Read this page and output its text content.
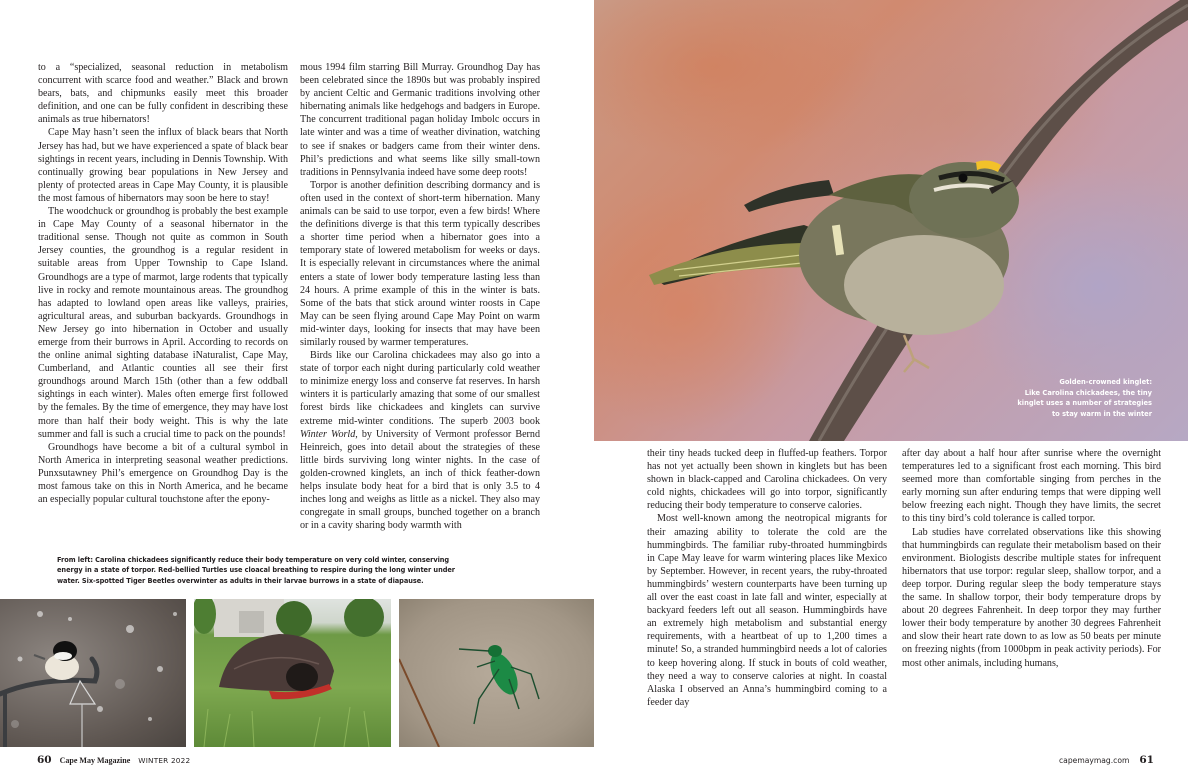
to a “specialized, seasonal reduction in metabolism concurrent with scarce food and weather.” Black and brown bears, bats, and chipmunks easily meet this broader definition, and one can be fully confident in describing these animals as true hibernators!

Cape May hasn’t seen the influx of black bears that North Jersey has had, but we have experienced a spate of black bear sightings in recent years, including in Dennis Township. With continually growing bear populations in New Jersey and plenty of protected areas in Cape May County, it is plausible the most famous of hibernators may soon be here to stay!

The woodchuck or groundhog is probably the best example in Cape May County of a seasonal hibernator in the traditional sense. Though not quite as common in South Jersey counties, the groundhog is a regular resident in suitable areas from Upper Township to Cape Island. Groundhogs are a type of marmot, large rodents that typically live in rocky and remote mountainous areas. The groundhog has adapted to lowland open areas like valleys, prairies, agricultural areas, and suburban backyards. Groundhogs in New Jersey go into hibernation in October and usually emerge from their burrows in April. According to records on the online animal sighting database iNaturalist, Cape May, Cumberland, and Atlantic counties all see their first groundhogs around March 15th (other than a few oddball sightings in each winter). Males often emerge first followed by the females. By the time of emergence, they may have lost more than half their body weight. This is why the late summer and fall is such a crucial time to pack on the pounds!

Groundhogs have become a bit of a cultural symbol in North America in interpreting seasonal weather predictions. Punxsutawney Phil’s emergence on Groundhog Day is the most famous take on this in North America, and he became an especially popular cultural touchstone after the epony-

mous 1994 film starring Bill Murray. Groundhog Day has been celebrated since the 1890s but was probably inspired by ancient Celtic and Germanic traditions involving other hibernating animals like hedgehogs and badgers in Europe. The concurrent traditional pagan holiday Imbolc occurs in late winter and was a time of weather divination, watching to see if snakes or badgers came from their winter dens. Phil’s predictions and what seems like silly small-town traditions in Pennsylvania indeed have some deep roots!

Torpor is another definition describing dormancy and is often used in the context of short-term hibernation. Many animals can be said to use torpor, even a few birds! Where the definitions diverge is that this term typically describes a shorter time period when a hibernator goes into a temporary state of lowered metabolism for weeks or days. It is especially relevant in circumstances where the animal enters a state of lower body temperature lasting less than 24 hours. A prime example of this in the winter is bats. Some of the bats that stick around winter roosts in Cape May can be seen flying around Cape May Point on warm mid-winter days, looking for insects that may have been similarly roused by warmer temperatures.

Birds like our Carolina chickadees may also go into a state of torpor each night during particularly cold weather to minimize energy loss and conserve fat reserves. In harsh winters it is particularly amazing that some of our smallest forest birds like chickadees and kinglets can survive extreme mid-winter conditions. The superb 2003 book Winter World, by University of Vermont professor Bernd Heinreich, goes into detail about the strategies of these little birds surviving long winter nights. In the case of golden-crowned kinglets, an inch of thick feather-down helps insulate body heat for a bird that is only 3.5 to 4 inches long and weighs as little as a nickel. They also may congregate in small groups, bunched together on a branch or in a cavity sharing body warmth with

From left: Carolina chickadees significantly reduce their body temperature on very cold winter, conserving energy in a state of torpor. Red-bellied Turtles use cloacal breathing to respire during the long winter under water. Six-spotted Tiger Beetles overwinter as adults in their larvae burrows in a state of diapause.
60 Cape May Magazine WINTER 2022
Golden-crowned kinglet:
Like Carolina chickadees, the tiny
kinglet uses a number of strategies
to stay warm in the winter

their tiny heads tucked deep in fluffed-up feathers. Torpor has not yet actually been shown in kinglets but has been shown in black-capped and Carolina chickadees. On very cold nights, chickadees will go into torpor, significantly reducing their body temperature to conserve calories.

Most well-known among the neotropical migrants for their amazing ability to tolerate the cold are the hummingbirds. The familiar ruby-throated hummingbirds in Cape May leave for warm wintering places like Mexico by September. However, in recent years, the ruby-throated hummingbirds’ western counterparts have been turning up all over the east coast in late fall and winter, especially at backyard feeders left out all season. Hummingbirds have an extremely high metabolism and substantial energy requirements, with a heartbeat of up to 1,200 times a minute! So, a stranded hummingbird needs a lot of calories to keep hovering along. If stuck in bouts of cold weather, they need a way to conserve calories at night. In coastal Alaska I observed an Anna’s hummingbird coming to a feeder day

after day about a half hour after sunrise where the overnight temperatures led to a significant frost each morning. This bird seemed more than comfortable singing from perches in the early morning sun after enduring temps that were dipping well below freezing each night. Though they have limits, the secret to this tiny bird’s cold tolerance is called torpor.

Lab studies have correlated observations like this showing that hummingbirds can regulate their metabolism based on their environment. Biologists describe multiple states for infrequent hibernators that use torpor: regular sleep, shallow torpor, and a deep torpor. During regular sleep the body temperature stays the same. In shallow torpor, their body temperature drops by about 20 degrees Fahrenheit. In deep torpor they may further lower their body temperature by another 30 degrees Fahrenheit and slow their heart rate down to as low as 50 beats per minute on freezing nights (from 1000bpm in peak activity periods). For most other animals, including humans,

capemaymag.com 61
